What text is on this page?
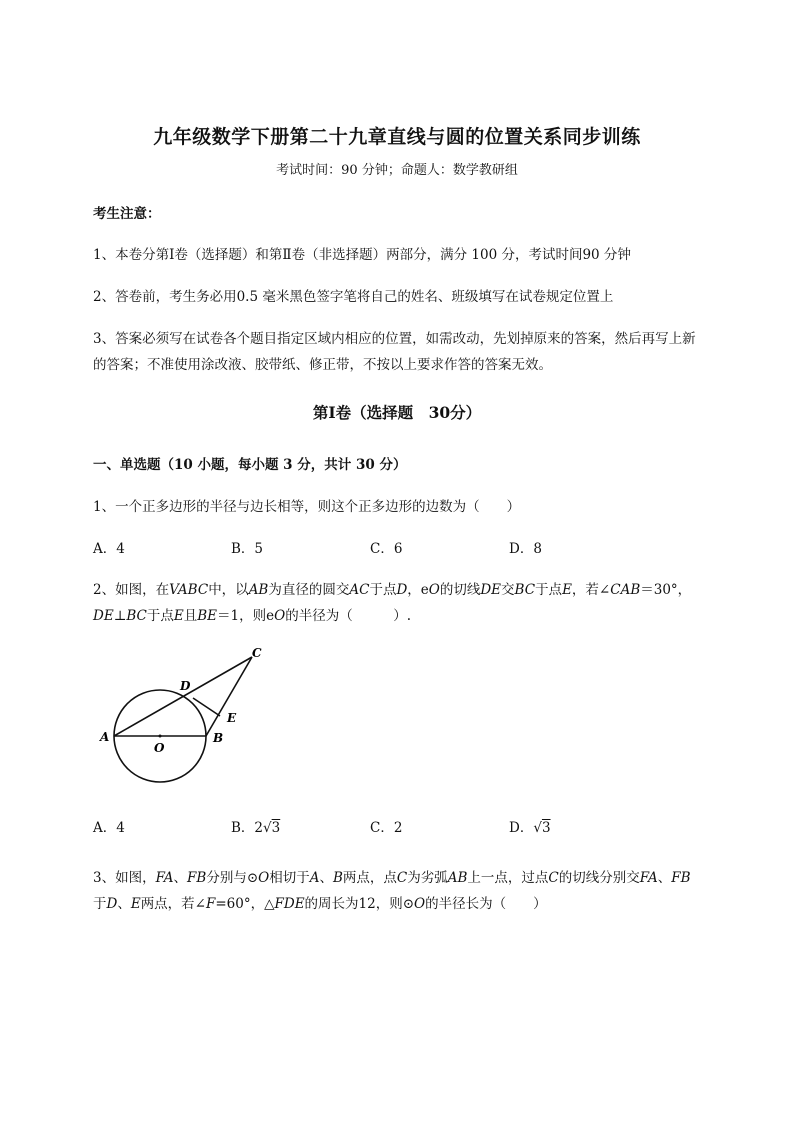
九年级数学下册第二十九章直线与圆的位置关系同步训练
考试时间：90 分钟；命题人：数学教研组
考生注意：
1、本卷分第Ⅰ卷（选择题）和第Ⅱ卷（非选择题）两部分，满分 100 分，考试时间90 分钟
2、答卷前，考生务必用0.5 毫米黑色签字笔将自己的姓名、班级填写在试卷规定位置上
3、答案必须写在试卷各个题目指定区域内相应的位置，如需改动，先划掉原来的答案，然后再写上新
的答案；不准使用涂改液、胶带纸、修正带，不按以上要求作答的答案无效。
第Ⅰ卷（选择题　30分）
一、单选题（10 小题，每小题 3 分，共计 30 分）
1、一个正多边形的半径与边长相等，则这个正多边形的边数为（　　）
A．4	B．5	C．6	D．8
2、如图，在VABC中，以AB为直径的圆交AC于点D，eO的切线DE交BC于点E，若∠CAB＝30°，
DE⊥BC于点E且BE＝1，则eO的半径为（　　　）.
A	B
C
D
E
O
A．4	B．2√3	C．2	D．√3
3、如图，FA、FB分别与⊙O相切于A、B两点，点C为劣弧AB上一点，过点C的切线分别交FA、FB
于D、E两点，若∠F=60°，△FDE的周长为12，则⊙O的半径长为（　　）
